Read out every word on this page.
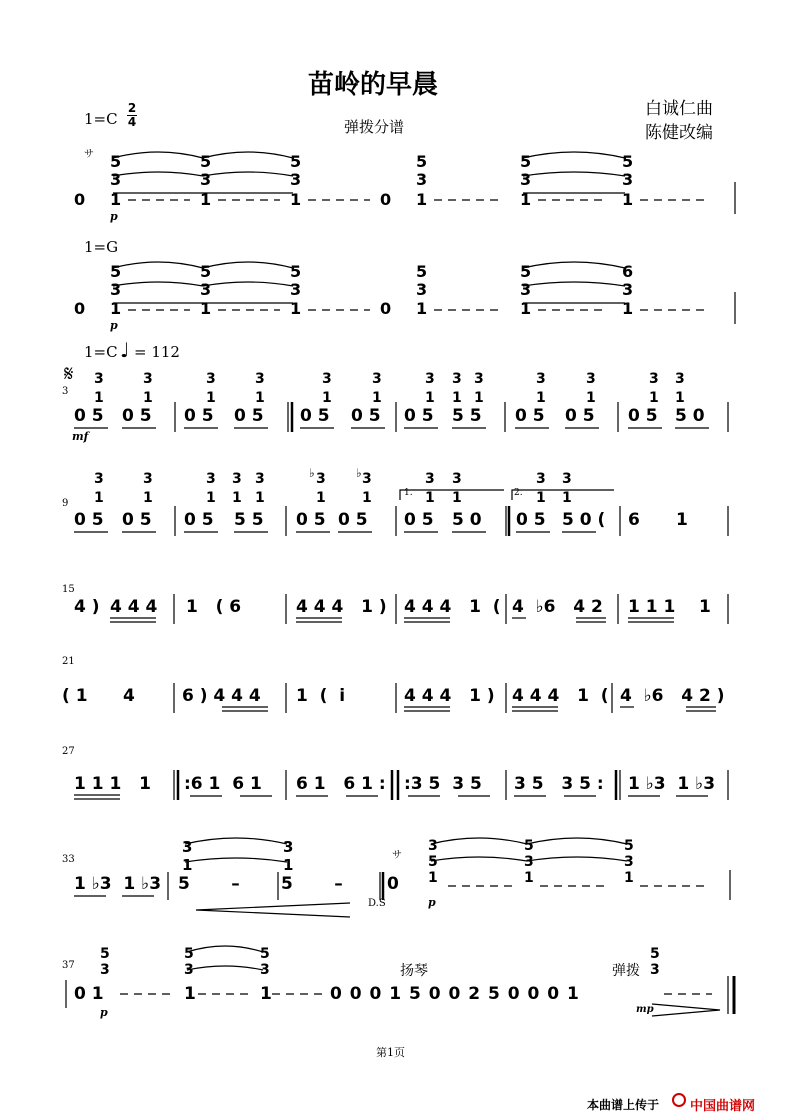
苗岭的早晨
白诚仁曲
陈健改编
弹拨分谱
1=C
2
4
サ
0
5
3
1
5
3
1
5
3
1	0
5
3
1
5
3
1
5
3
1
p
1=G
0
5
3
1
5
3
1
5
3
1	0
5
3
1
5
3
1
6
3
1
p
1=C ♩ = 112
𝄋
3
mf
0 5 0 5 0 5 0 5 0 5 0 5 0 5 5 5 0 5 0 5 0 5 5 0
3
1
3
1
3
1
3
1
3
1
3
1
3
1
3
1
3
1
3
1
3
1
3
1
3
1
9
0 5 0 5 0 5 5 5 0 5 0 5 0 5 5 0 0 5 5 0 ( 6 1
3
1
3
1
3
1
3
1
3
1
3
1
3
1
3
1
3
1
3
1
3
1
♭	♭
1.	2.
15
4 ) 4 4 4 1   ( 6	4 4 4   1 ) 4 4 4   1  ( 4  ♭6   4 2 1 1 1    1
21
( 1      4	6 ) 4 4 4 1  (  i	4 4 4   1 ) 4 4 4   1  ( 4  ♭6   4 2 )
27
1 1 1   1 :6 1  6 1 6 1   6 1 : :3 5  3 5 3 5   3 5 : 1 ♭3  1 ♭3
33
1 ♭3  1 ♭3
3
1
3
1
5       – 5       –
D.S
サ
0
3
5
1
5
3
1
5
3
1
p
37
5
3
0 1
5
3
1
5
3
1
扬琴	弹拨
5
3
0 0 0 1 5 0 0 2 5 0 0 0 1
p	mp
第1页
本曲谱上传于 中国曲谱网
